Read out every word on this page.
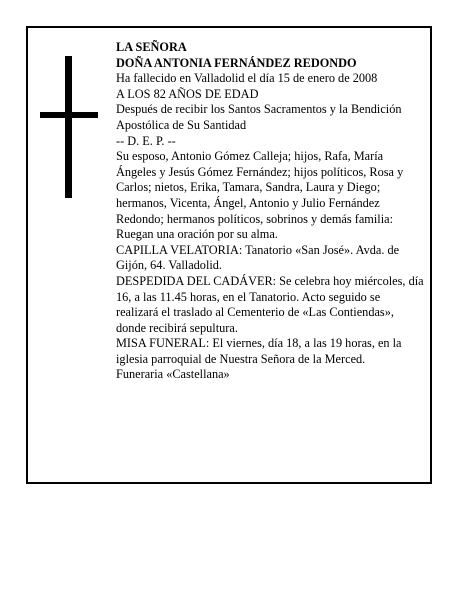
LA SEÑORA

DOÑA ANTONIA FERNÁNDEZ REDONDO

Ha fallecido en Valladolid el día 15 de enero de 2008

A LOS 82 AÑOS DE EDAD

Después de recibir los Santos Sacramentos y la Bendición Apostólica de Su Santidad

-- D. E. P. --

Su esposo, Antonio Gómez Calleja; hijos, Rafa, María Ángeles y Jesús Gómez Fernández; hijos políticos, Rosa y Carlos; nietos, Erika, Tamara, Sandra, Laura y Diego; hermanos, Vicenta, Ángel, Antonio y Julio Fernández Redondo; hermanos políticos, sobrinos y demás familia:

Ruegan una oración por su alma.

CAPILLA VELATORIA: Tanatorio «San José». Avda. de Gijón, 64. Valladolid.

DESPEDIDA DEL CADÁVER: Se celebra hoy miércoles, día 16, a las 11.45 horas, en el Tanatorio. Acto seguido se realizará el traslado al Cementerio de «Las Contiendas», donde recibirá sepultura.

MISA FUNERAL: El viernes, día 18, a las 19 horas, en la iglesia parroquial de Nuestra Señora de la Merced.

Funeraria «Castellana»
